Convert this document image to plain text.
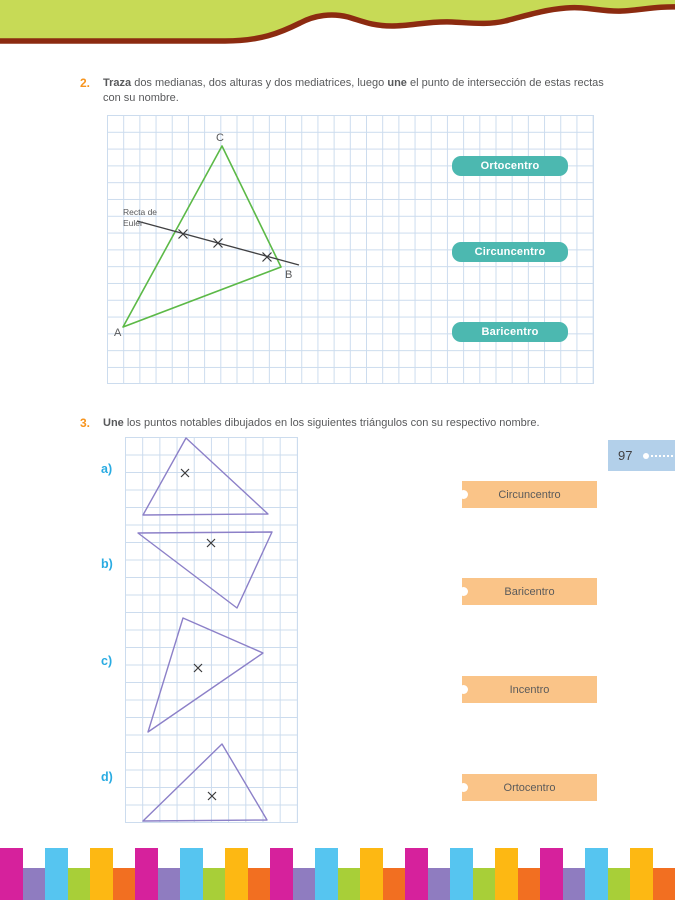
2.	Traza dos medianas, dos alturas y dos mediatrices, luego une el punto de intersección de estas rectas con su nombre.
A
B
C
Recta de
Euler
Ortocentro
Circuncentro
Baricentro
3.	Une los puntos notables dibujados en los siguientes triángulos con su respectivo nombre.
97
a)
b)
c)
d)
Circuncentro
Baricentro
Incentro
Ortocentro
